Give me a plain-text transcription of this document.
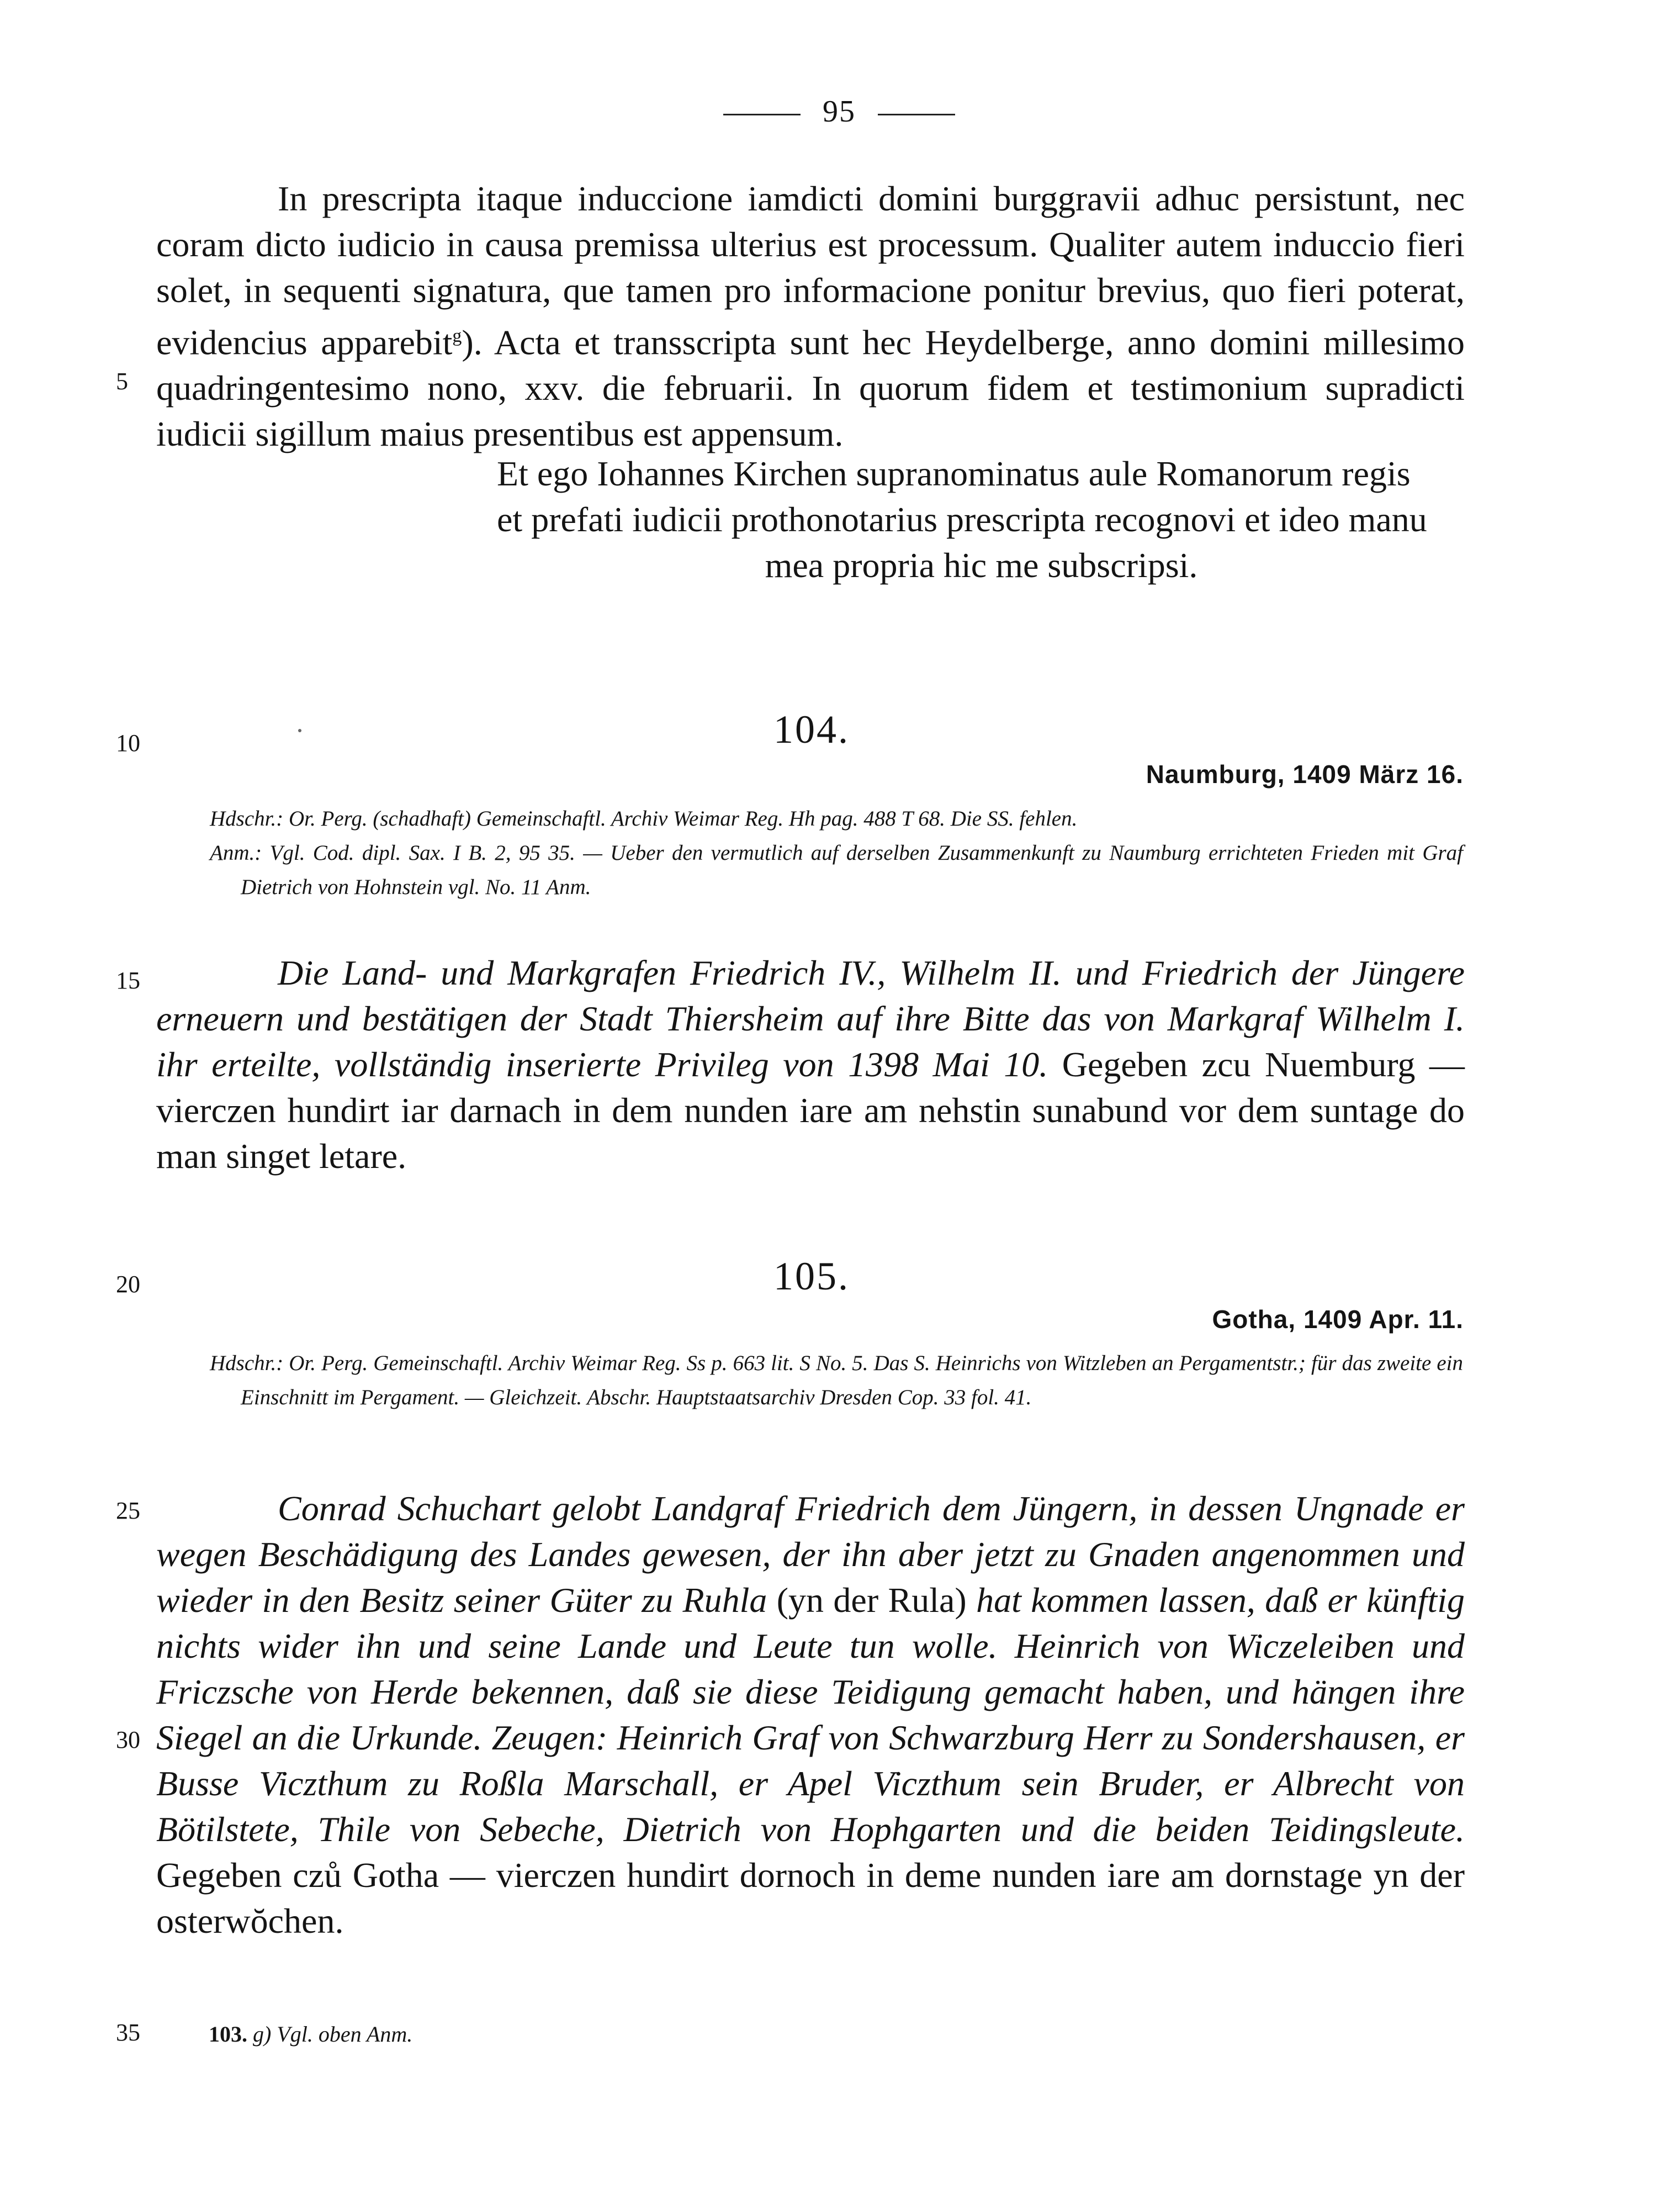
95
5
10
15
20
25
30
35

In prescripta itaque induccione iamdicti domini burggravii adhuc persistunt, nec coram dicto iudicio in causa premissa ulterius est processum. Qualiter autem induccio fieri solet, in sequenti signatura, que tamen pro informacione ponitur brevius, quo fieri poterat, evidencius apparebit$^g$). Acta et transscripta sunt hec Heydelberge, anno domini millesimo quadringentesimo nono, xxv. die februarii. In quorum fidem et testimonium supradicti iudicii sigillum maius presentibus est appensum.

Et ego Iohannes Kirchen supranominatus aule Romanorum regis

et prefati iudicii prothonotarius prescripta recognovi et ideo manu

mea propria hic me subscripsi.

104.
Naumburg, 1409 März 16.

Hdschr.: Or. Perg. (schadhaft) Gemeinschaftl. Archiv Weimar Reg. Hh pag. 488 T 68. Die SS. fehlen.

Anm.: Vgl. Cod. dipl. Sax. I B. 2, 95 35. — Ueber den vermutlich auf derselben Zusammenkunft zu Naumburg errichteten Frieden mit Graf Dietrich von Hohnstein vgl. No. 11 Anm.

Die Land- und Markgrafen Friedrich IV., Wilhelm II. und Friedrich der Jüngere erneuern und bestätigen der Stadt Thiersheim auf ihre Bitte das von Markgraf Wilhelm I. ihr erteilte, vollständig inserierte Privileg von 1398 Mai 10. Gegeben zcu Nuemburg — vierczen hundirt iar darnach in dem nunden iare am nehstin sunabund vor dem suntage do man singet letare.

105.
Gotha, 1409 Apr. 11.

Hdschr.: Or. Perg. Gemeinschaftl. Archiv Weimar Reg. Ss p. 663 lit. S No. 5. Das S. Heinrichs von Witzleben an Pergamentstr.; für das zweite ein Einschnitt im Pergament. — Gleichzeit. Abschr. Hauptstaatsarchiv Dresden Cop. 33 fol. 41.

Conrad Schuchart gelobt Landgraf Friedrich dem Jüngern, in dessen Ungnade er wegen Beschädigung des Landes gewesen, der ihn aber jetzt zu Gnaden angenommen und wieder in den Besitz seiner Güter zu Ruhla (yn der Rula) hat kommen lassen, daß er künftig nichts wider ihn und seine Lande und Leute tun wolle. Heinrich von Wiczeleiben und Friczsche von Herde bekennen, daß sie diese Teidigung gemacht haben, und hängen ihre Siegel an die Urkunde. Zeugen: Heinrich Graf von Schwarzburg Herr zu Sondershausen, er Busse Viczthum zu Roßla Marschall, er Apel Viczthum sein Bruder, er Albrecht von Bötilstete, Thile von Sebeche, Dietrich von Hophgarten und die beiden Teidingsleute. Gegeben czů Gotha — vierczen hundirt dornoch in deme nunden iare am dornstage yn der osterwŏchen.

103. g) Vgl. oben Anm.
